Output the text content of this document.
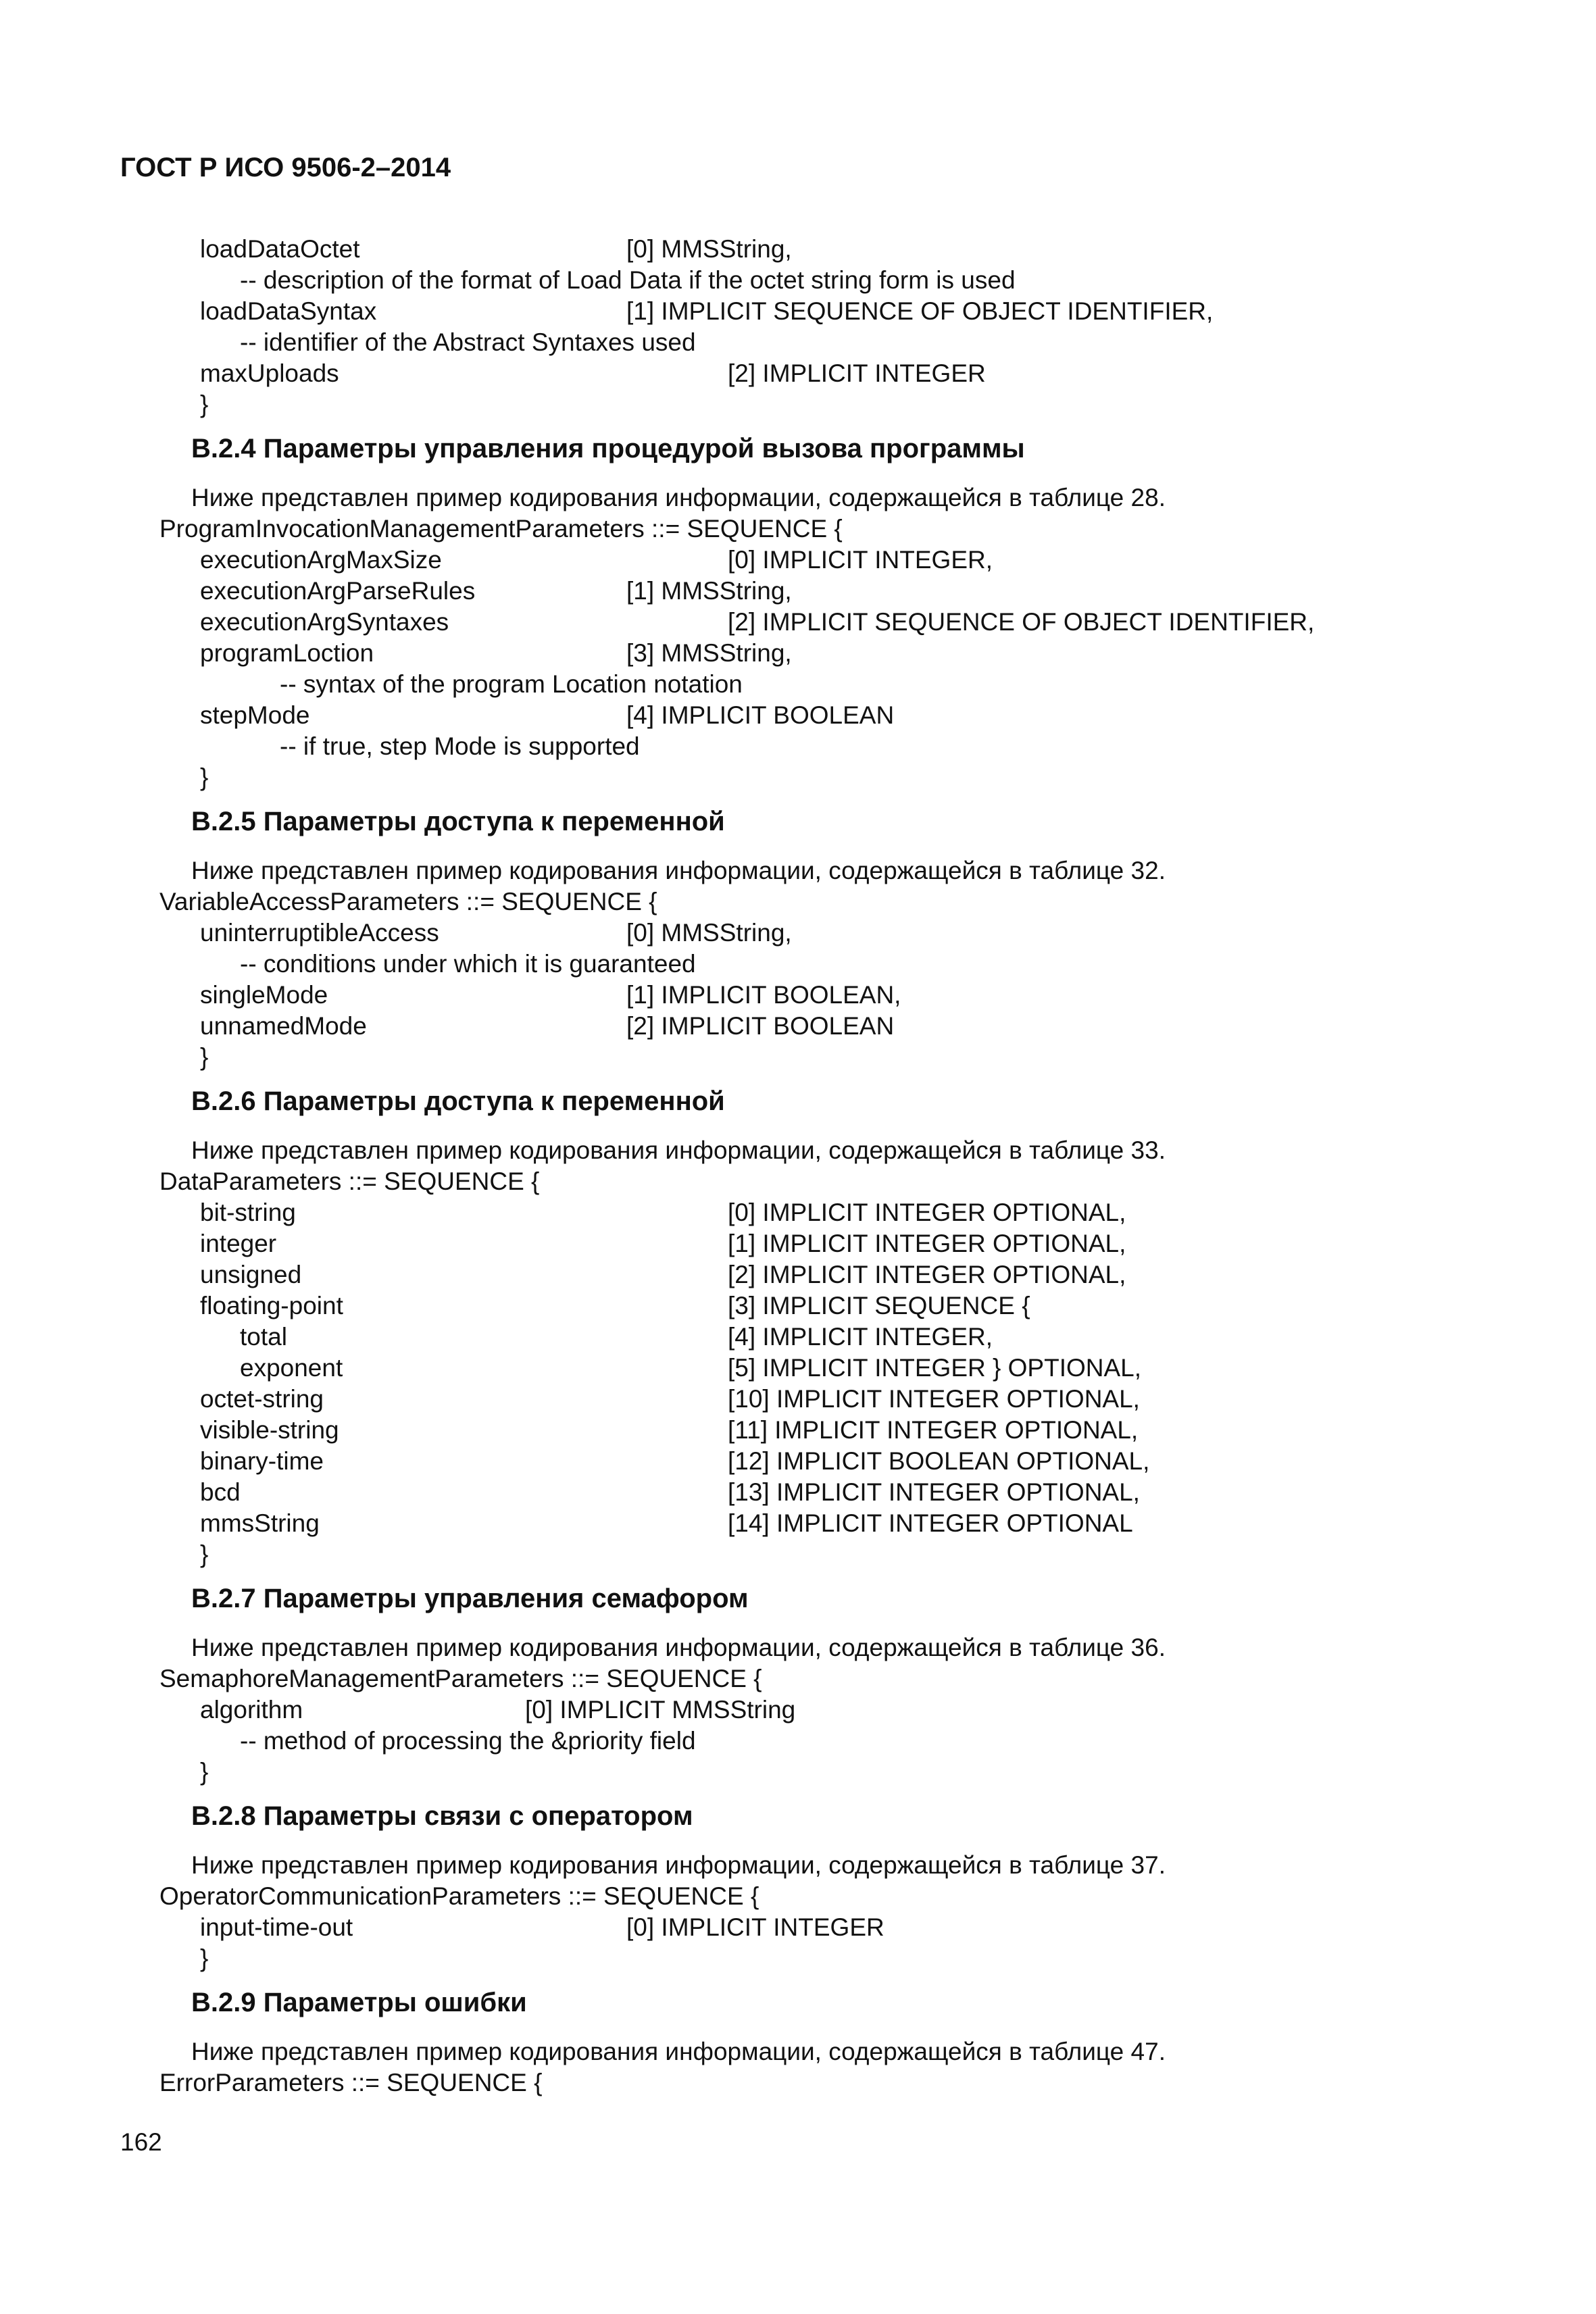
ГОСТ Р ИСО 9506-2–2014
loadDataOctet	[0] MMSString,
-- description of the format of Load Data if the octet string form is used
loadDataSyntax	[1] IMPLICIT SEQUENCE OF OBJECT IDENTIFIER,
-- identifier of the Abstract Syntaxes used
maxUploads	[2] IMPLICIT INTEGER
}
В.2.4 Параметры управления процедурой вызова программы
Ниже представлен пример кодирования информации, содержащейся в таблице 28.
ProgramInvocationManagementParameters ::= SEQUENCE {
executionArgMaxSize	[0] IMPLICIT INTEGER,
executionArgParseRules	[1] MMSString,
executionArgSyntaxes	[2] IMPLICIT SEQUENCE OF OBJECT IDENTIFIER,
programLoction	[3] MMSString,
-- syntax of the program Location notation
stepMode	[4] IMPLICIT BOOLEAN
-- if true, step Mode is supported
}
В.2.5 Параметры доступа к переменной
Ниже представлен пример кодирования информации, содержащейся в таблице 32.
VariableAccessParameters ::= SEQUENCE {
uninterruptibleAccess	[0] MMSString,
-- conditions under which it is guaranteed
singleMode	[1] IMPLICIT BOOLEAN,
unnamedMode	[2] IMPLICIT BOOLEAN
}
В.2.6 Параметры доступа к переменной
Ниже представлен пример кодирования информации, содержащейся в таблице 33.
DataParameters ::= SEQUENCE {
bit-string	[0] IMPLICIT INTEGER OPTIONAL,
integer	[1] IMPLICIT INTEGER OPTIONAL,
unsigned	[2] IMPLICIT INTEGER OPTIONAL,
floating-point	[3] IMPLICIT SEQUENCE {
total	[4] IMPLICIT INTEGER,
exponent	[5] IMPLICIT INTEGER } OPTIONAL,
octet-string	[10] IMPLICIT INTEGER OPTIONAL,
visible-string	[11] IMPLICIT INTEGER OPTIONAL,
binary-time	[12] IMPLICIT BOOLEAN OPTIONAL,
bcd	[13] IMPLICIT INTEGER OPTIONAL,
mmsString	[14] IMPLICIT INTEGER OPTIONAL
}
В.2.7 Параметры управления семафором
Ниже представлен пример кодирования информации, содержащейся в таблице 36.
SemaphoreManagementParameters ::= SEQUENCE {
algorithm	[0] IMPLICIT MMSString
-- method of processing the &priority field
}
В.2.8 Параметры связи с оператором
Ниже представлен пример кодирования информации, содержащейся в таблице 37.
OperatorCommunicationParameters ::= SEQUENCE {
input-time-out	[0] IMPLICIT INTEGER
}
В.2.9 Параметры ошибки
Ниже представлен пример кодирования информации, содержащейся в таблице 47.
ErrorParameters ::= SEQUENCE {
162
